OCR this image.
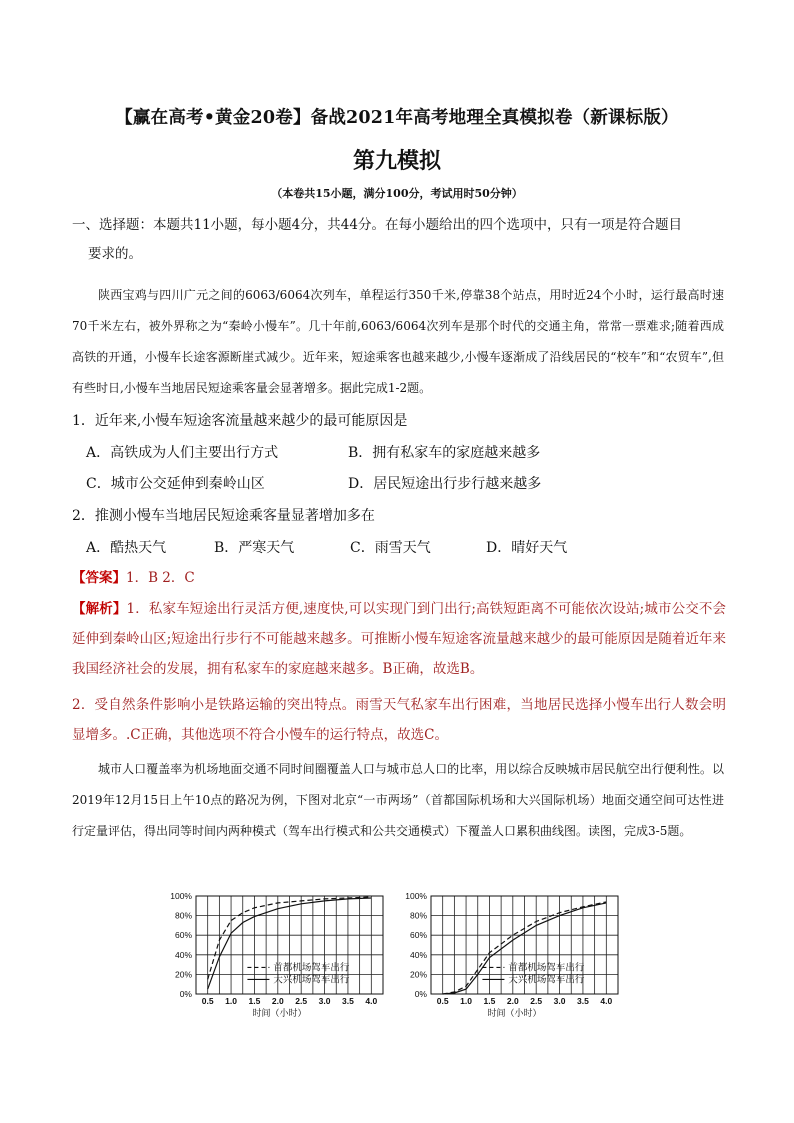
【赢在高考•黄金20卷】备战2021年高考地理全真模拟卷（新课标版）
第九模拟
（本卷共15小题，满分100分，考试用时50分钟）
一、选择题：本题共11小题，每小题4分，共44分。在每小题给出的四个选项中，只有一项是符合题目
要求的。
陕西宝鸡与四川广元之间的6063/6064次列车，单程运行350千米,停靠38个站点，用时近24个小时，运行最高时速70千米左右，被外界称之为“秦岭小慢车”。几十年前,6063/6064次列车是那个时代的交通主角，常常一票难求;随着西成高铁的开通，小慢车长途客源断崖式减少。近年来，短途乘客也越来越少,小慢车逐渐成了沿线居民的“校车”和“农贸车”,但有些时日,小慢车当地居民短途乘客量会显著增多。据此完成1-2题。
1．近年来,小慢车短途客流量越来越少的最可能原因是
A．高铁成为人们主要出行方式	B．拥有私家车的家庭越来越多
C．城市公交延伸到秦岭山区	D．居民短途出行步行越来越多
2．推测小慢车当地居民短途乘客量显著增加多在
A．酷热天气	B．严寒天气	C．雨雪天气	D．晴好天气
【答案】1．B 2．C
【解析】1．私家车短途出行灵活方便,速度快,可以实现门到门出行;高铁短距离不可能依次设站;城市公交不会延伸到秦岭山区;短途出行步行不可能越来越多。可推断小慢车短途客流量越来越少的最可能原因是随着近年来我国经济社会的发展，拥有私家车的家庭越来越多。B正确，故选B。
2．受自然条件影响小是铁路运输的突出特点。雨雪天气私家车出行困难，当地居民选择小慢车出行人数会明显增多。.C正确，其他选项不符合小慢车的运行特点，故选C。
城市人口覆盖率为机场地面交通不同时间圈覆盖人口与城市总人口的比率，用以综合反映城市居民航空出行便利性。以2019年12月15日上午10点的路况为例，下图对北京“一市两场”（首都国际机场和大兴国际机场）地面交通空间可达性进行定量评估，得出同等时间内两种模式（驾车出行模式和公共交通模式）下覆盖人口累积曲线图。读图，完成3-5题。
0%
20%
40%
60%
80%
100%
0.5 1.0 1.5 2.0 2.5 3.0 3.5 4.0
时间（小时）
首都机场驾车出行
大兴机场驾车出行
0%
20%
40%
60%
80%
100%
0.5 1.0 1.5 2.0 2.5 3.0 3.5 4.0
时间（小时）
首都机场驾车出行
大兴机场驾车出行
